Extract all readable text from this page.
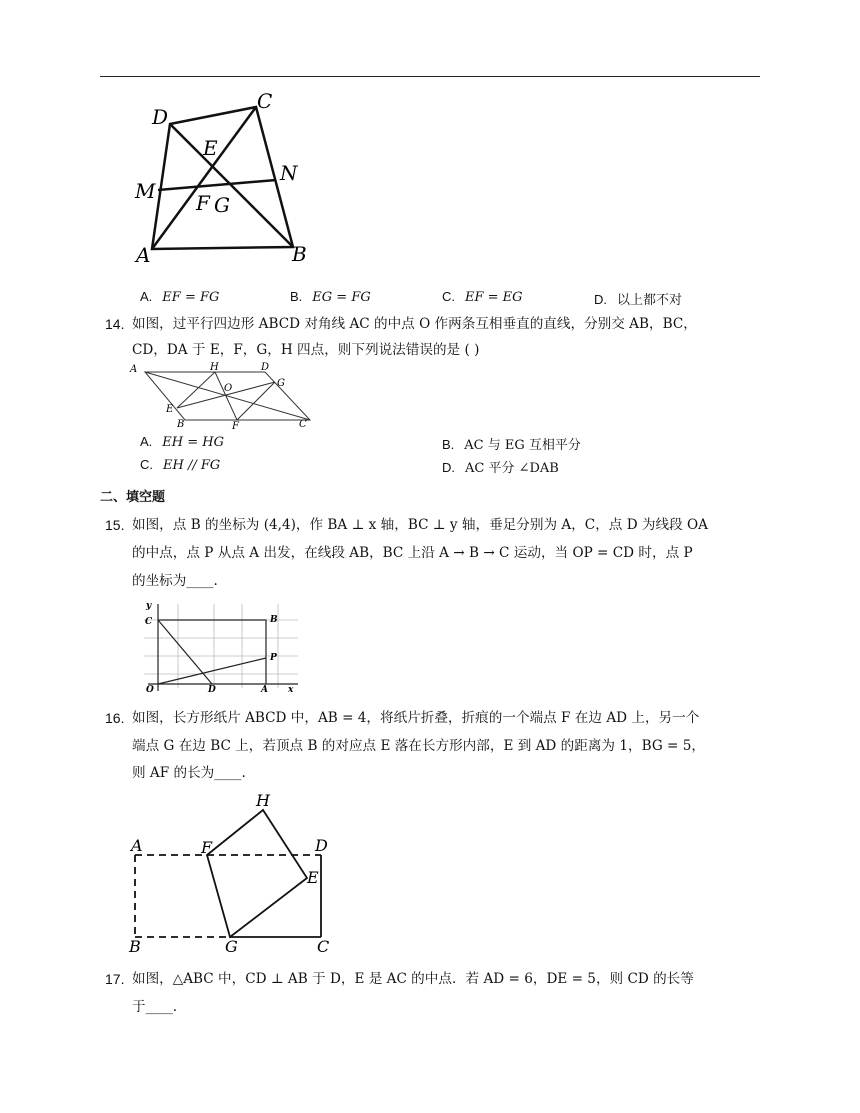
D
C
E
N
M F G
A	B
A. EF = FG	B. EG = FG	C. EF = EG	D. 以上都不对
14. 如图，过平行四边形 ABCD 对角线 AC 的中点 O 作两条互相垂直的直线，分别交 AB，BC，
CD，DA 于 E，F，G，H 四点，则下列说法错误的是 ( )
A	H	D
G
O
E
B	F	C
A. EH = HG	B. AC 与 EG 互相平分
C. EH // FG	D. AC 平分 ∠DAB
二、填空题
15. 如图，点 B 的坐标为 (4,4)，作 BA ⊥ x 轴，BC ⊥ y 轴，垂足分别为 A，C，点 D 为线段 OA
的中点，点 P 从点 A 出发，在线段 AB，BC 上沿 A → B → C 运动，当 OP = CD 时，点 P
的坐标为____.
y
C	B
P
O	D	A x
16. 如图，长方形纸片 ABCD 中，AB = 4，将纸片折叠，折痕的一个端点 F 在边 AD 上，另一个
端点 G 在边 BC 上，若顶点 B 的对应点 E 落在长方形内部，E 到 AD 的距离为 1，BG = 5，
则 AF 的长为____.
H
A	F	D
E
B	G	C
17. 如图，△ABC 中，CD ⊥ AB 于 D，E 是 AC 的中点．若 AD = 6，DE = 5，则 CD 的长等
于____.
